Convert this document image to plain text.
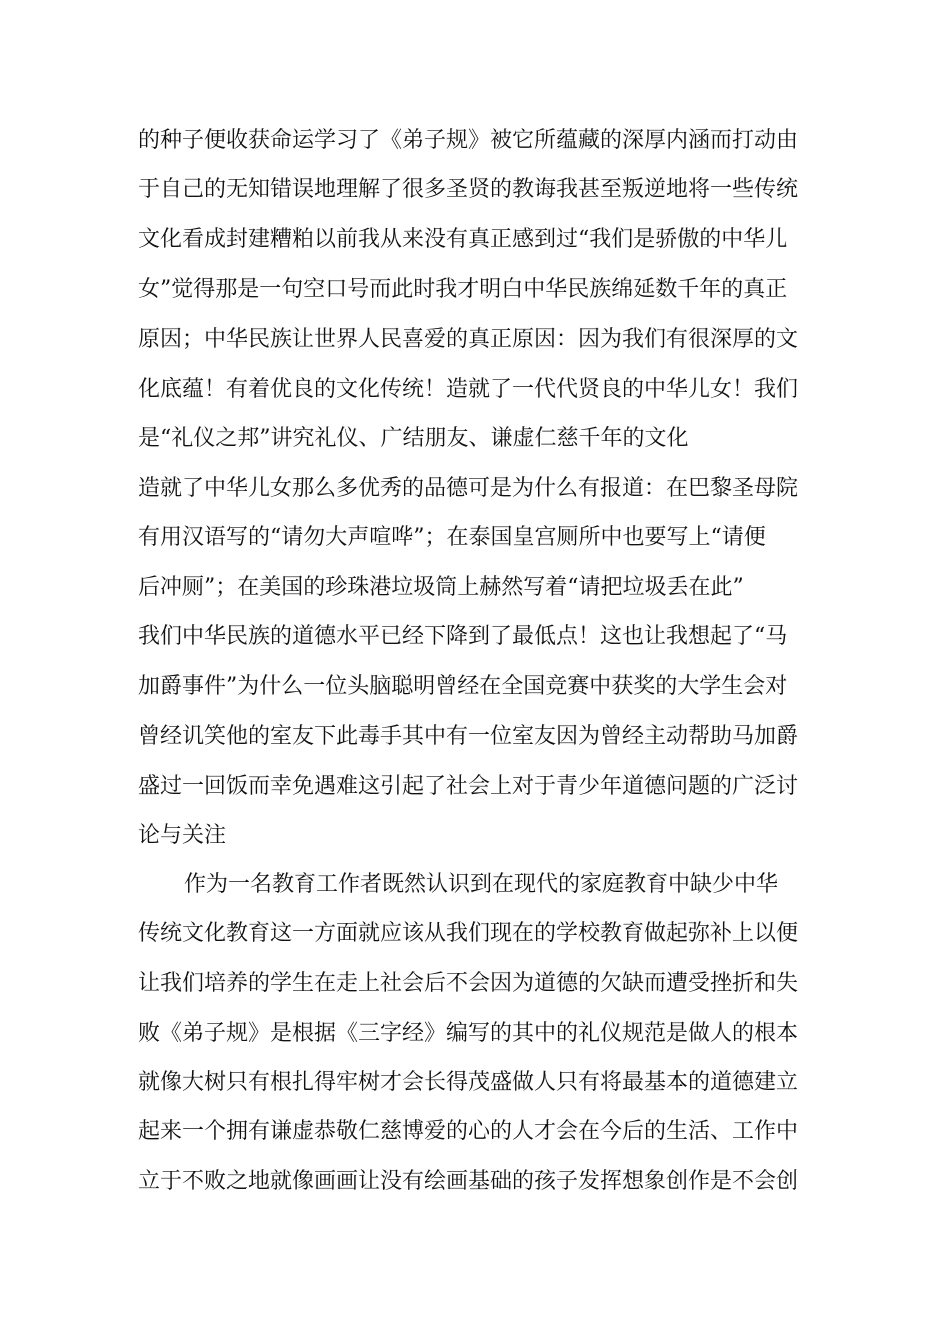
的种子便收获命运学习了《弟子规》被它所蕴藏的深厚内涵而打动由
于自己的无知错误地理解了很多圣贤的教诲我甚至叛逆地将一些传统
文化看成封建糟粕以前我从来没有真正感到过“我们是骄傲的中华儿
女”觉得那是一句空口号而此时我才明白中华民族绵延数千年的真正
原因；中华民族让世界人民喜爱的真正原因：因为我们有很深厚的文
化底蕴！有着优良的文化传统！造就了一代代贤良的中华儿女！我们
是“礼仪之邦”讲究礼仪、广结朋友、谦虚仁慈千年的文化
造就了中华儿女那么多优秀的品德可是为什么有报道：在巴黎圣母院
有用汉语写的“请勿大声喧哗”；在泰国皇宫厕所中也要写上“请便
后冲厕”；在美国的珍珠港垃圾筒上赫然写着“请把垃圾丢在此”
我们中华民族的道德水平已经下降到了最低点！这也让我想起了“马
加爵事件”为什么一位头脑聪明曾经在全国竞赛中获奖的大学生会对
曾经讥笑他的室友下此毒手其中有一位室友因为曾经主动帮助马加爵
盛过一回饭而幸免遇难这引起了社会上对于青少年道德问题的广泛讨
论与关注
作为一名教育工作者既然认识到在现代的家庭教育中缺少中华
传统文化教育这一方面就应该从我们现在的学校教育做起弥补上以便
让我们培养的学生在走上社会后不会因为道德的欠缺而遭受挫折和失
败《弟子规》是根据《三字经》编写的其中的礼仪规范是做人的根本
就像大树只有根扎得牢树才会长得茂盛做人只有将最基本的道德建立
起来一个拥有谦虚恭敬仁慈博爱的心的人才会在今后的生活、工作中
立于不败之地就像画画让没有绘画基础的孩子发挥想象创作是不会创
